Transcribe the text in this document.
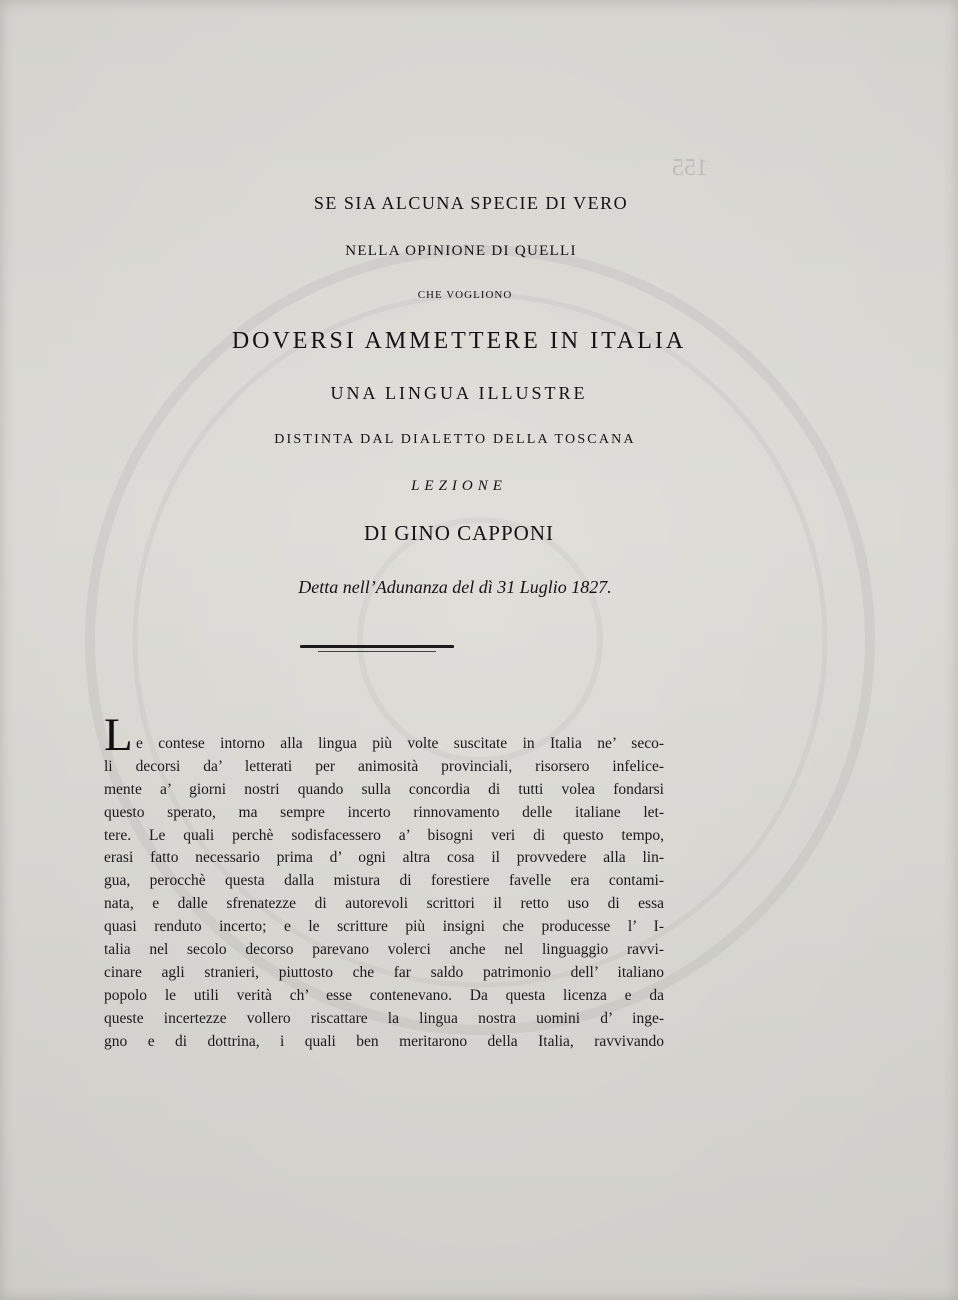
155
SE SIA ALCUNA SPECIE DI VERO
NELLA OPINIONE DI QUELLI
CHE VOGLIONO
DOVERSI AMMETTERE IN ITALIA
UNA LINGUA ILLUSTRE
DISTINTA DAL DIALETTO DELLA TOSCANA
LEZIONE
DI GINO CAPPONI
Detta nell’Adunanza del dì 31 Luglio 1827.
L e contese intorno alla lingua più volte suscitate in Italia ne’ seco-
li decorsi da’ letterati per animosità provinciali, risorsero infelice-
mente a’ giorni nostri quando sulla concordia di tutti volea fondarsi
questo sperato, ma sempre incerto rinnovamento delle italiane let-
tere. Le quali perchè sodisfacessero a’ bisogni veri di questo tempo,
erasi fatto necessario prima d’ ogni altra cosa il provvedere alla lin-
gua, perocchè questa dalla mistura di forestiere favelle era contami-
nata, e dalle sfrenatezze di autorevoli scrittori il retto uso di essa
quasi renduto incerto; e le scritture più insigni che producesse l’ I-
talia nel secolo decorso parevano volerci anche nel linguaggio ravvi-
cinare agli stranieri, piuttosto che far saldo patrimonio dell’ italiano
popolo le utili verità ch’ esse contenevano. Da questa licenza e da
queste incertezze vollero riscattare la lingua nostra uomini d’ inge-
gno e di dottrina, i quali ben meritarono della Italia, ravvivando
